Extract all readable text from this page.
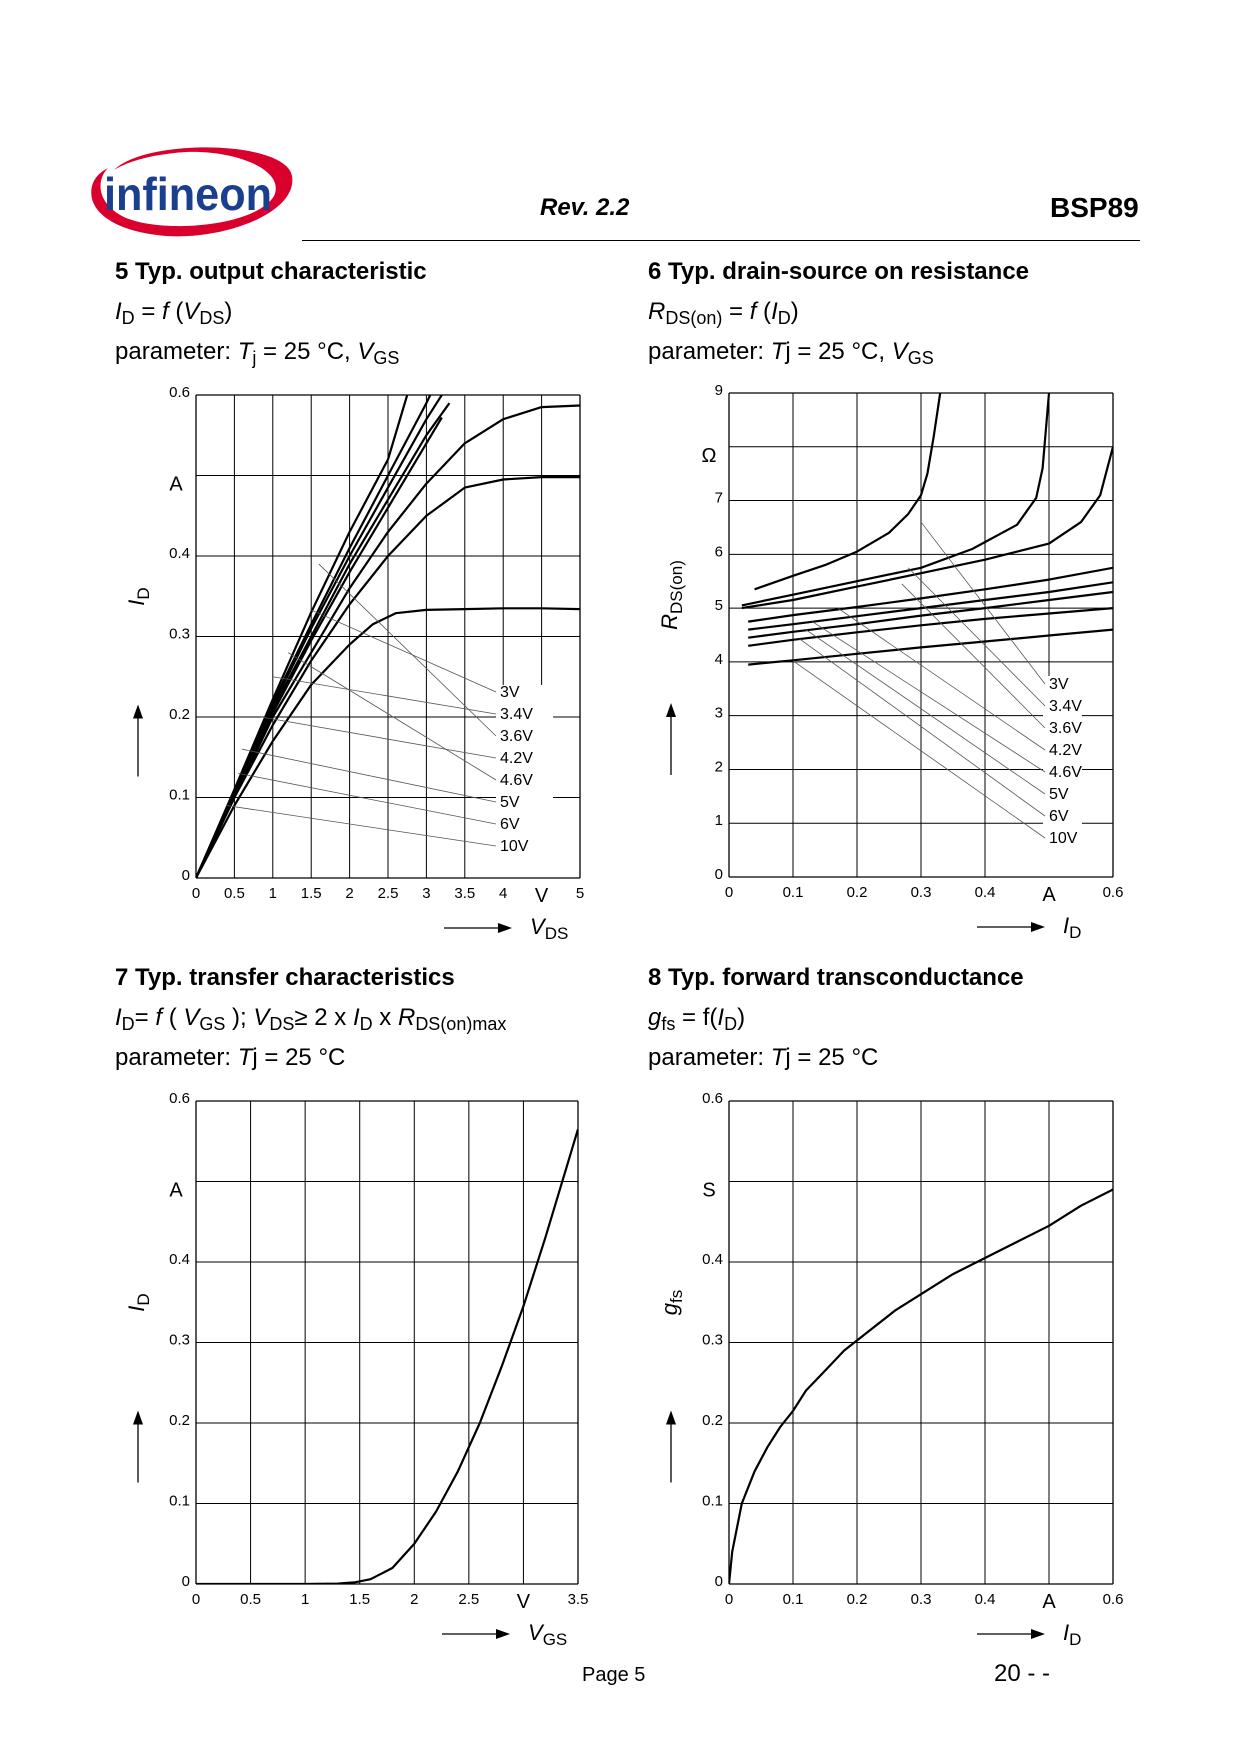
infineon	Rev. 2.2	BSP89
5 Typ. output characteristic
$I_D = f$ $(V_{DS})$
parameter: $T_j = 25$ °C, $V_{GS}$
6 Typ. drain-source on resistance
$R_{DS(on)} = f$ $(I_D)$
parameter: Tj = 25 °C, $V_{GS}$
7 Typ. transfer characteristics
$I_D= f$ ( $V_{GS}$ ); $V_{DS}\ge 2$ x $I_D$ x $R_{DS(on)max}$
parameter: Tj = 25 °C
8 Typ. forward transconductance
$g_{fs} = f(I_D)$
parameter: Tj = 25 °C
0 0.5 1 1.5 2 2.5 3 3.5 4	5
0
0.1
0.2
0.3
0.4
0.6
V
A
$V_{DS}$
$I_D$
3V
3.4V
3.6V
4.2V
4.6V
5V
6V
10V
0	0.1	0.2	0.3	0.4	0.6
0
1
2
3
4
5
6
7
9
A
Ω
$I_D$
$R_{DS(on)}$
3V
3.4V
3.6V
4.2V
4.6V
5V
6V
10V
0	0.5	1	1.5	2	2.5	3.5
0
0.1
0.2
0.3
0.4
0.6
V
A
$V_{GS}$
$I_D$
0	0.1	0.2	0.3	0.4	0.6
0
0.1
0.2
0.3
0.4
0.6
A
S
$I_D$
$g_{fs}$
Page 5	20 - -
